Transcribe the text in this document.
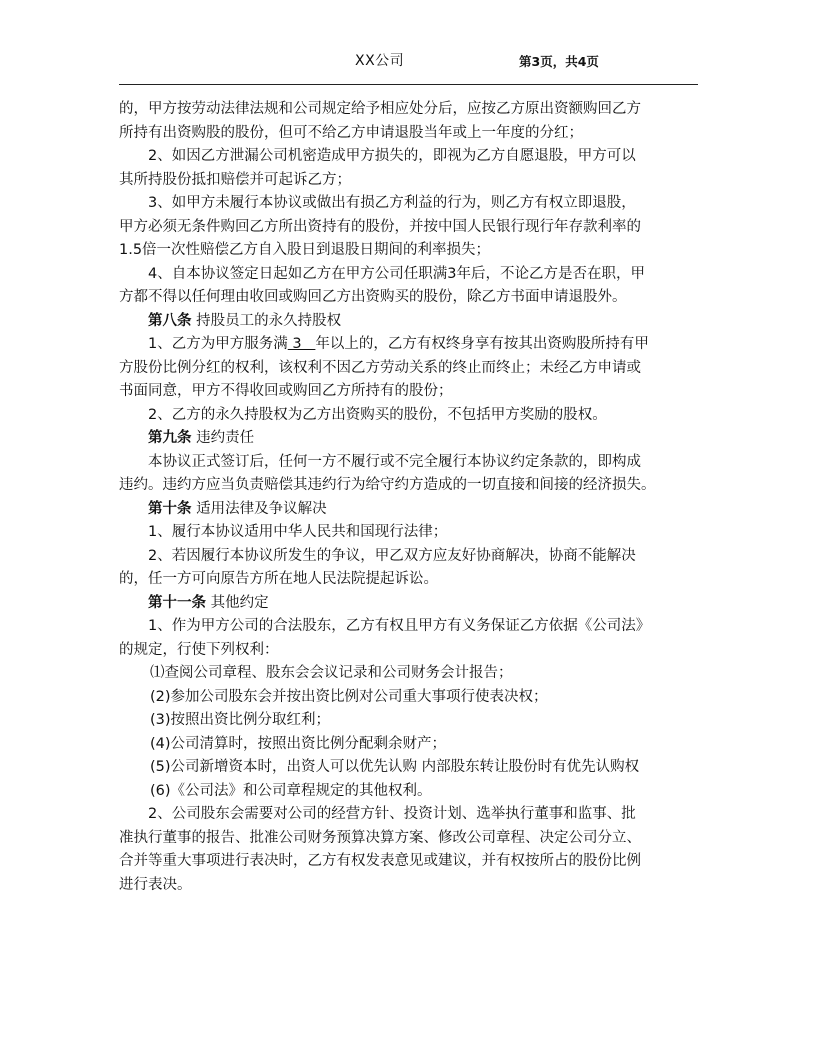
XX公司	第3页，共4页
的，甲方按劳动法律法规和公司规定给予相应处分后，应按乙方原出资额购回乙方
所持有出资购股的股份，但可不给乙方申请退股当年或上一年度的分红；
2、如因乙方泄漏公司机密造成甲方损失的，即视为乙方自愿退股，甲方可以
其所持股份抵扣赔偿并可起诉乙方；
3、如甲方未履行本协议或做出有损乙方利益的行为，则乙方有权立即退股，
甲方必须无条件购回乙方所出资持有的股份，并按中国人民银行现行年存款利率的
1.5倍一次性赔偿乙方自入股日到退股日期间的利率损失；
4、自本协议签定日起如乙方在甲方公司任职满3年后，不论乙方是否在职，甲
方都不得以任何理由收回或购回乙方出资购买的股份，除乙方书面申请退股外。
第八条 持股员工的永久持股权
1、乙方为甲方服务满 3   年以上的，乙方有权终身享有按其出资购股所持有甲
方股份比例分红的权利，该权利不因乙方劳动关系的终止而终止；未经乙方申请或
书面同意，甲方不得收回或购回乙方所持有的股份；
2、乙方的永久持股权为乙方出资购买的股份，不包括甲方奖励的股权。
第九条 违约责任
本协议正式签订后，任何一方不履行或不完全履行本协议约定条款的，即构成
违约。违约方应当负责赔偿其违约行为给守约方造成的一切直接和间接的经济损失。
第十条 适用法律及争议解决
1、履行本协议适用中华人民共和国现行法律；
2、若因履行本协议所发生的争议，甲乙双方应友好协商解决，协商不能解决
的，任一方可向原告方所在地人民法院提起诉讼。
第十一条 其他约定
1、作为甲方公司的合法股东，乙方有权且甲方有义务保证乙方依据《公司法》
的规定，行使下列权利：
⑴查阅公司章程、股东会会议记录和公司财务会计报告；
(2)参加公司股东会并按出资比例对公司重大事项行使表决权；
(3)按照出资比例分取红利；
(4)公司清算时，按照出资比例分配剩余财产；
(5)公司新增资本时，出资人可以优先认购 内部股东转让股份时有优先认购权
(6)《公司法》和公司章程规定的其他权利。
2、公司股东会需要对公司的经营方针、投资计划、选举执行董事和监事、批
准执行董事的报告、批准公司财务预算决算方案、修改公司章程、决定公司分立、
合并等重大事项进行表决时，乙方有权发表意见或建议，并有权按所占的股份比例
进行表决。
